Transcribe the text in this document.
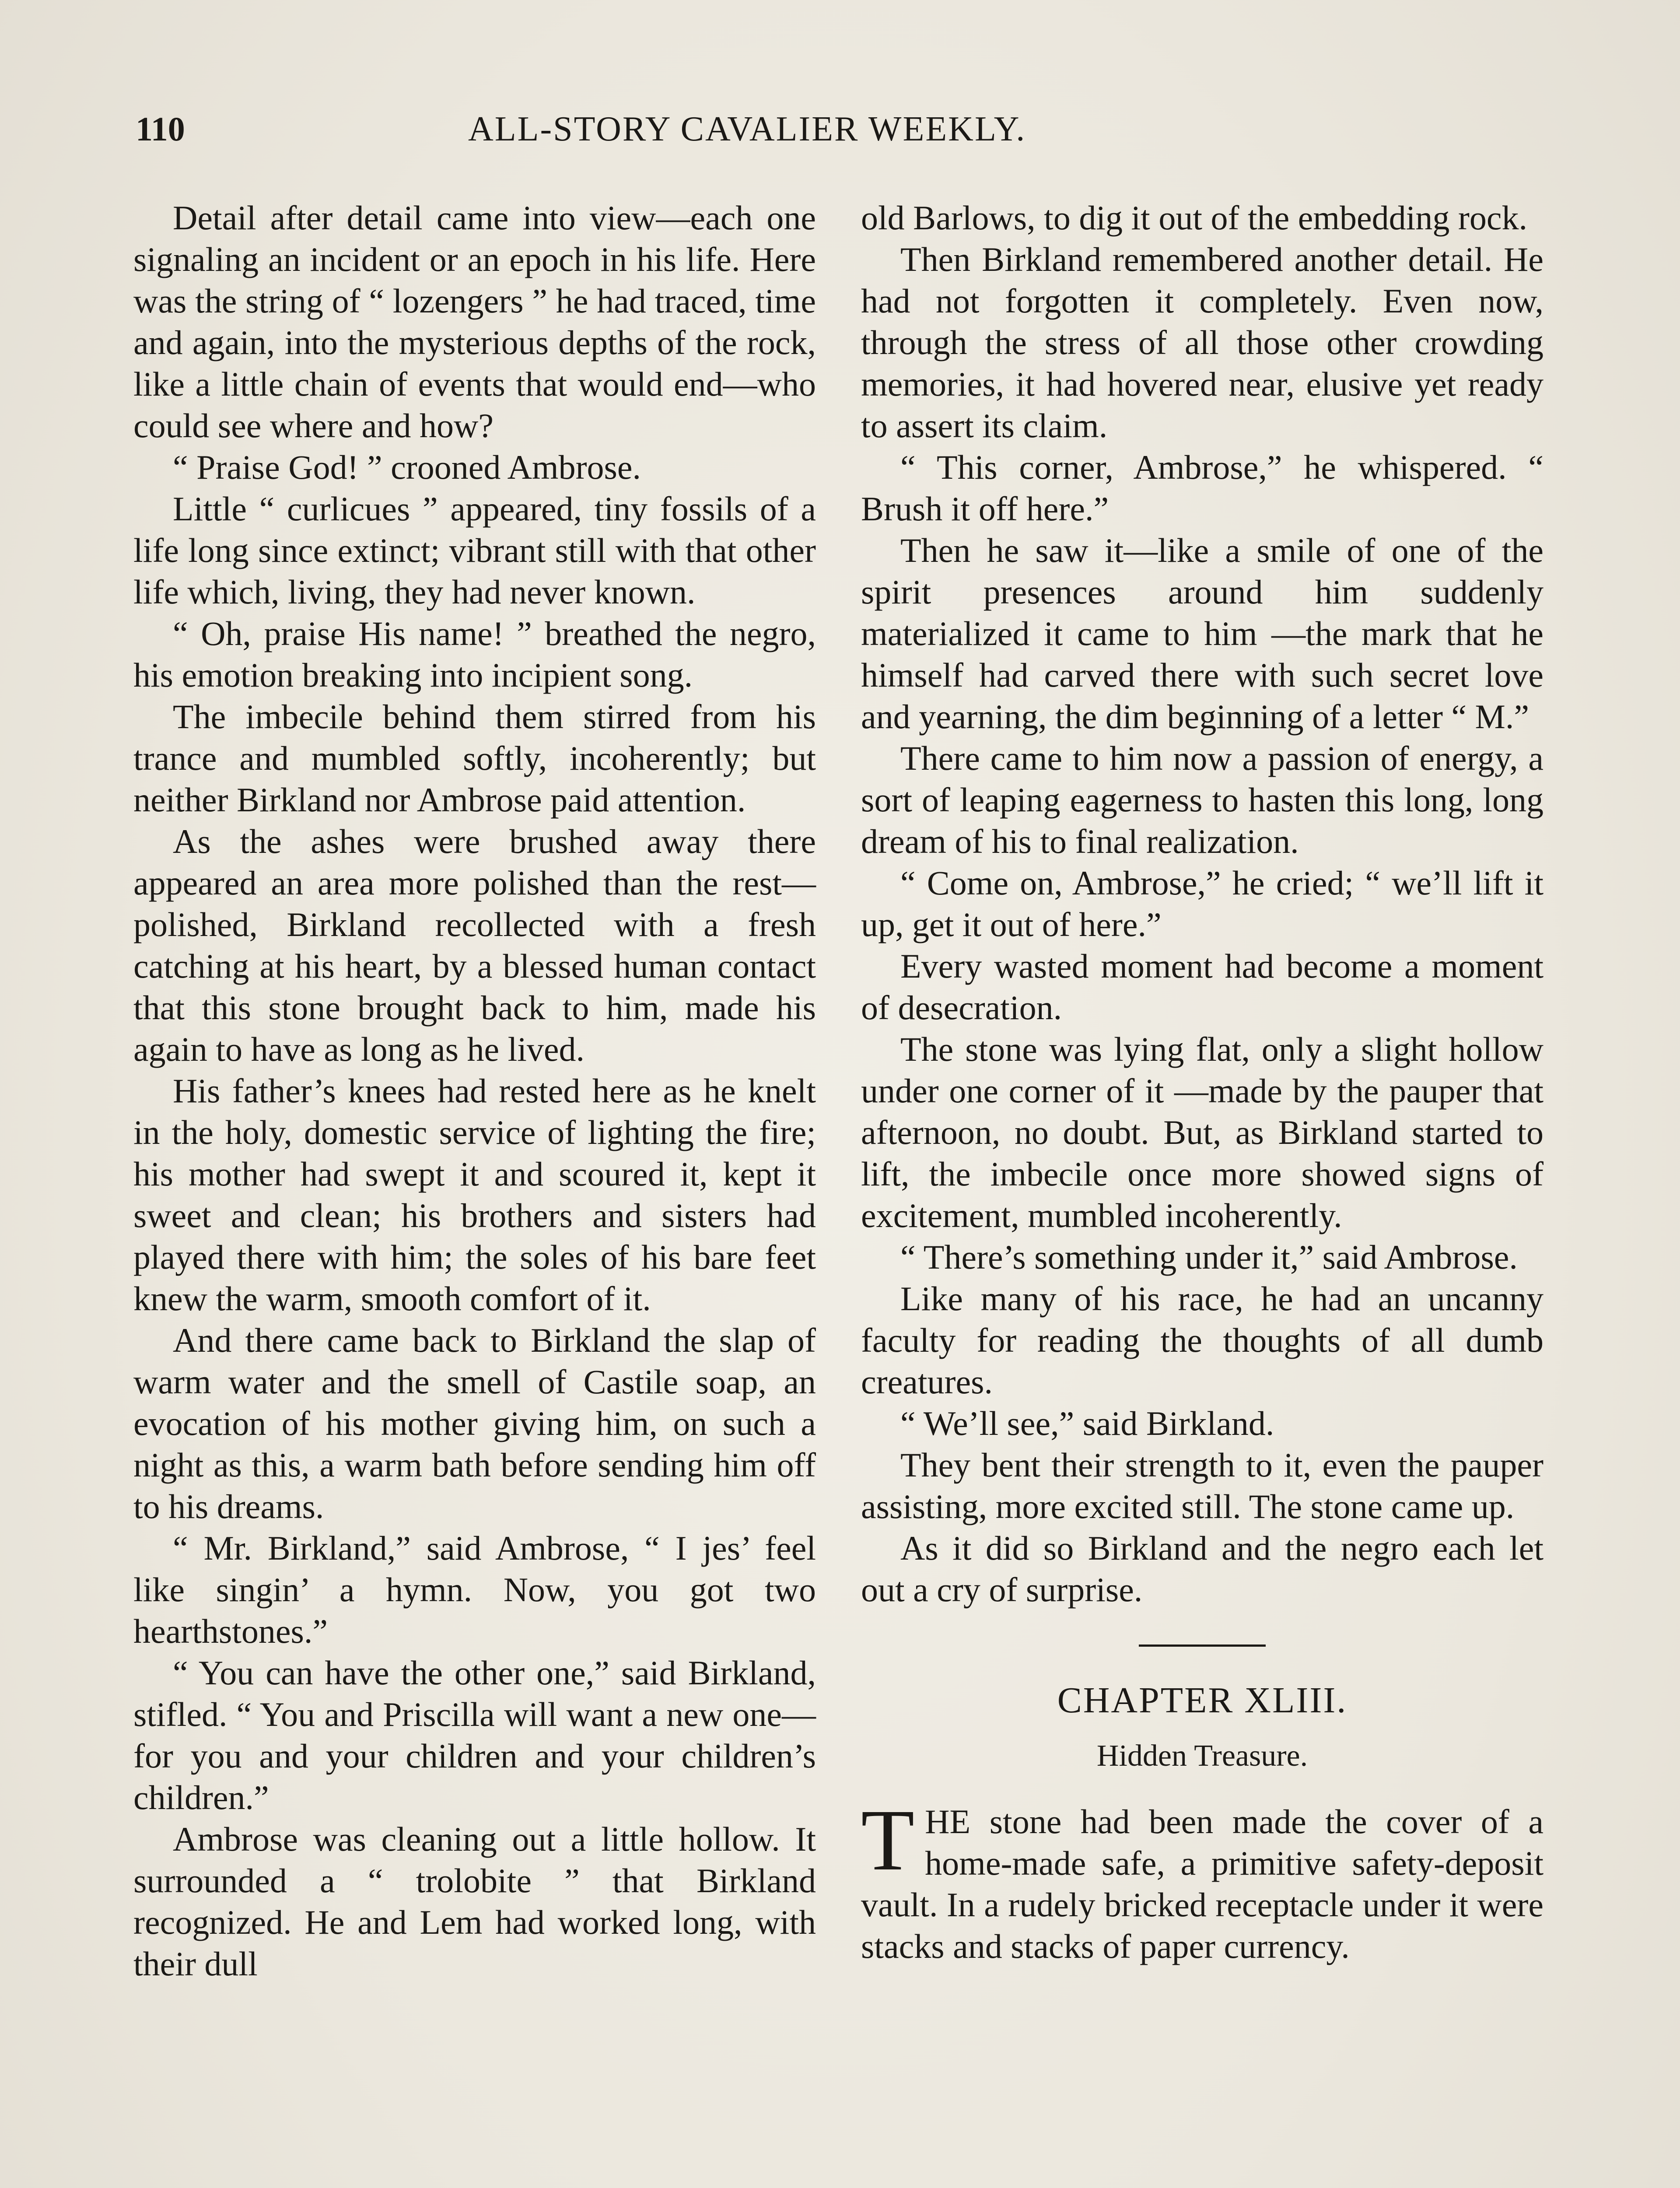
110	ALL-STORY CAVALIER WEEKLY.

Detail after detail came into view—each one signaling an incident or an epoch in his life. Here was the string of “ lozengers ” he had traced, time and again, into the mysterious depths of the rock, like a little chain of events that would end—who could see where and how?

“ Praise God! ” crooned Ambrose.

Little “ curlicues ” appeared, tiny fossils of a life long since extinct; vibrant still with that other life which, living, they had never known.

“ Oh, praise His name! ” breathed the negro, his emotion breaking into incipient song.

The imbecile behind them stirred from his trance and mumbled softly, incoherently; but neither Birkland nor Ambrose paid attention.

As the ashes were brushed away there appeared an area more polished than the rest—polished, Birkland recollected with a fresh catching at his heart, by a blessed human contact that this stone brought back to him, made his again to have as long as he lived.

His father’s knees had rested here as he knelt in the holy, domestic service of lighting the fire; his mother had swept it and scoured it, kept it sweet and clean; his brothers and sisters had played there with him; the soles of his bare feet knew the warm, smooth comfort of it.

And there came back to Birkland the slap of warm water and the smell of Castile soap, an evocation of his mother giving him, on such a night as this, a warm bath before sending him off to his dreams.

“ Mr. Birkland,” said Ambrose, “ I jes’ feel like singin’ a hymn. Now, you got two hearthstones.”

“ You can have the other one,” said Birkland, stifled. “ You and Priscilla will want a new one—for you and your children and your children’s children.”

Ambrose was cleaning out a little hollow. It surrounded a “ trolobite ” that Birkland recognized. He and Lem had worked long, with their dull

old Barlows, to dig it out of the embedding rock.

Then Birkland remembered another detail. He had not forgotten it completely. Even now, through the stress of all those other crowding memories, it had hovered near, elusive yet ready to assert its claim.

“ This corner, Ambrose,” he whispered. “ Brush it off here.”

Then he saw it—like a smile of one of the spirit presences around him suddenly materialized it came to him —the mark that he himself had carved there with such secret love and yearning, the dim beginning of a letter “ M.”

There came to him now a passion of energy, a sort of leaping eagerness to hasten this long, long dream of his to final realization.

“ Come on, Ambrose,” he cried; “ we’ll lift it up, get it out of here.”

Every wasted moment had become a moment of desecration.

The stone was lying flat, only a slight hollow under one corner of it —made by the pauper that afternoon, no doubt. But, as Birkland started to lift, the imbecile once more showed signs of excitement, mumbled incoherently.

“ There’s something under it,” said Ambrose.

Like many of his race, he had an uncanny faculty for reading the thoughts of all dumb creatures.

“ We’ll see,” said Birkland.

They bent their strength to it, even the pauper assisting, more excited still. The stone came up.

As it did so Birkland and the negro each let out a cry of surprise.

CHAPTER XLIII.

Hidden Treasure.

T HE stone had been made the cover of a home-made safe, a primitive safety-deposit vault. In a rudely bricked receptacle under it were stacks and stacks of paper currency.
